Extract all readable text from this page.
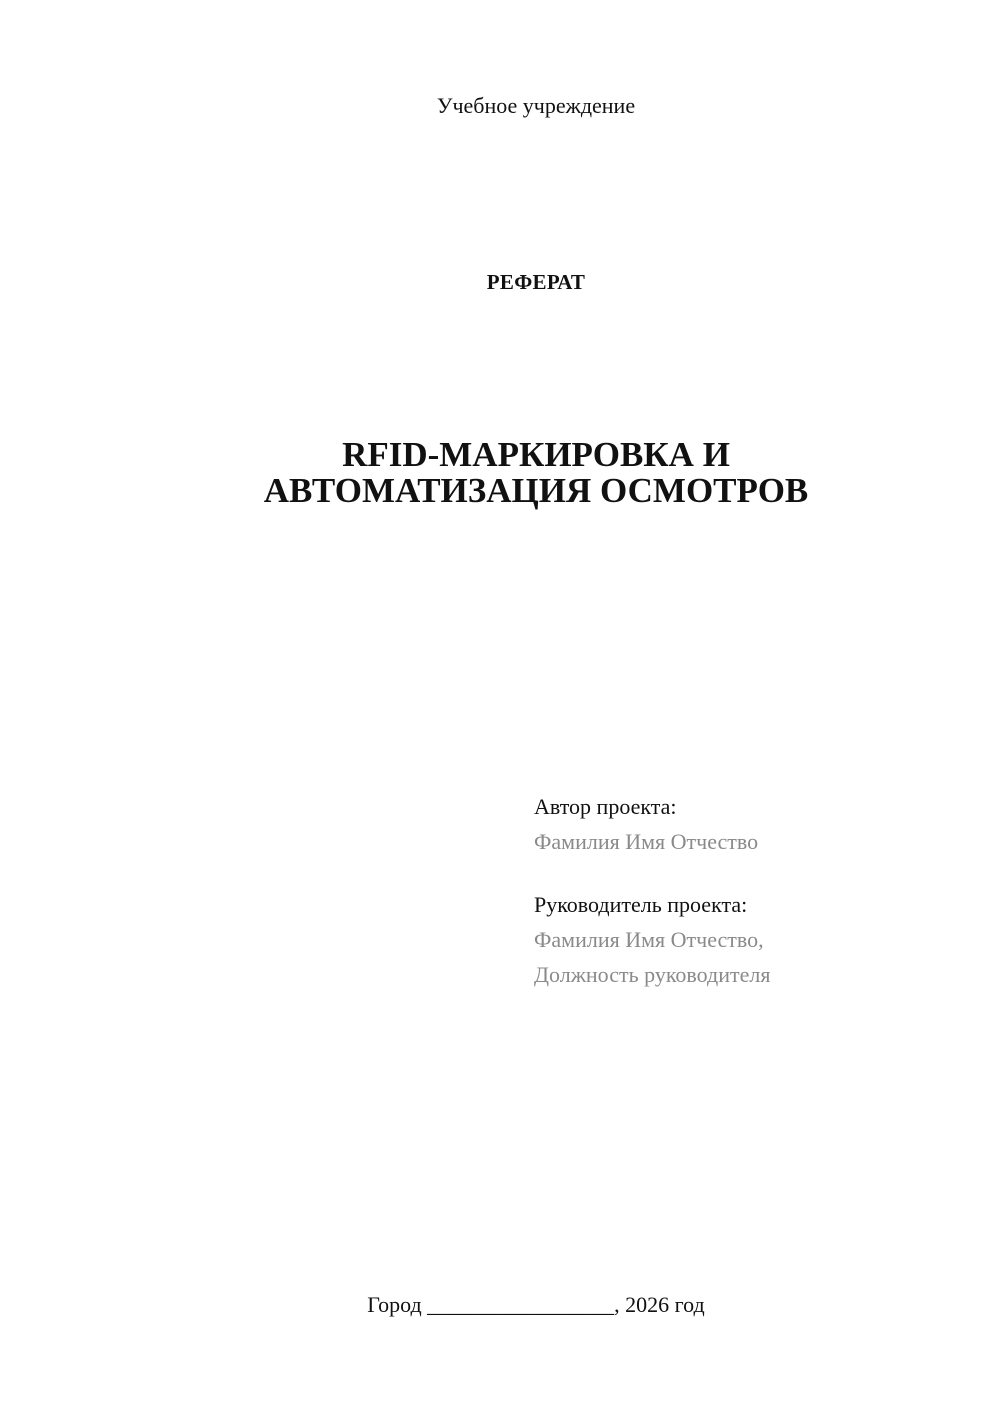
Учебное учреждение
РЕФЕРАТ
RFID-МАРКИРОВКА И
АВТОМАТИЗАЦИЯ ОСМОТРОВ
Автор проекта:
Фамилия Имя Отчество
Руководитель проекта:
Фамилия Имя Отчество,
Должность руководителя
Город _________________, 2026 год
